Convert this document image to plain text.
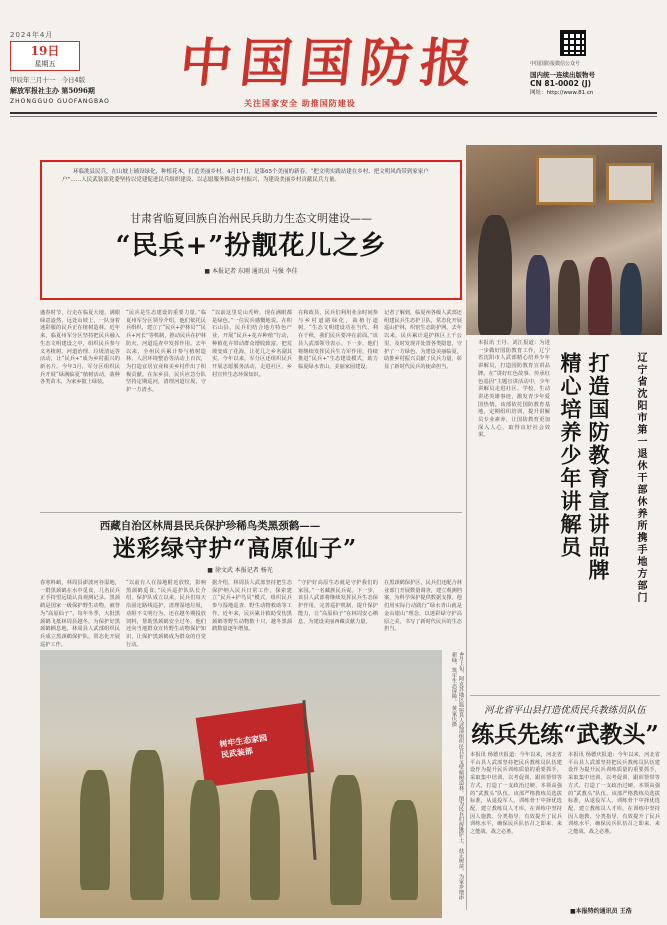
2024年4月
19日
星期五
甲辰年三月十一 今日4版
解放军报社主办 第5096期
ZHONGGUO GUOFANGBAO
中国国防报
关注国家安全 助推国防建设
中国国防报微信公众号
国内统一连续出版物号
CN 81-0002 (J)
网址：http://www.81.cn
环临洮县民兵，在山坡上铺设绿化，种植花木，打造美丽乡村。4月17日，是第65个美丽的新春。“把文明实践站建在乡村、把文明风尚带到家家户户”……人民武装部党委坚持以党建促进民兵组织建设、以志愿服务推动乡村振兴，为建设美丽乡村贡献民兵力量。
甘肃省临夏回族自治州民兵助力生态文明建设——
“民兵+”扮靓花儿之乡
■ 本报记者 东刚 通讯员 马强 李佳
盛春时节，行走在临夏大地，满眼绿意盎然，远处山坡上，一队身着迷彩服的民兵正在植树造林。近年来，临夏州军分区坚持把民兵融入生态文明建设之中，组织民兵参与义务植树、河道治理、垃圾清运等活动，让“民兵+”成为乡村振兴的新名片。今年3月，军分区组织民兵开展“绿满临夏”植树活动，栽种各类苗木，为家乡披上绿装。
“民兵是生态建设的重要力量。”临夏州军分区领导介绍，他们依托民兵组织，建立了“民兵+护林员”“民兵+河长”等机制，推动民兵在护林防火、河道巡查中发挥作用。去年以来，全州民兵累计参与植树造林、人居环境整治等活动上百次，为打造宜居宜业和美乡村作出了积极贡献。在东乡县，民兵应急分队坚持定期巡河，清理河道垃圾，守护一方清水。
“以前这里荒山秃岭，现在满眼都是绿色。”一位民兵感慨地说。在积石山县，民兵们结合地方特色产业，开展“民兵+花卉种植”行动，种植花卉带动群众增收致富，把荒坡变成了花海，让花儿之乡名副其实。今年以来，军分区还组织民兵开展志愿服务活动，走进社区、乡村宣传生态环保知识。
在和政县，民兵们利用业余时间参与乡村道路绿化，栽植行道树。“生态文明建设功在当代、利在千秋，我们民兵要冲在前面。”该县人武部领导表示。下一步，他们将继续发挥民兵生力军作用，持续推进“民兵+”生态建设模式，助力临夏绿水青山、美丽家园建设。
记者了解到，临夏州各级人武部还组建民兵生态护卫队，常态化开展巡山护林，织密生态防护网。去年以来，民兵累计巡护林区上千公里，及时发现并处置各类隐患，守护了一方绿色，为建设美丽临夏、助推乡村振兴贡献了民兵力量，彰显了新时代民兵的使命担当。
本报讯 王丹、刘江报道：为进一步做好国防教育工作，辽宁省沈阳市人武部精心培养少年讲解员，打造国防教育宣讲品牌。在“讲好红色故事、传承红色基因”主题宣讲活动中，少年讲解员走进社区、学校，生动讲述英雄事迹，激发青少年爱国热情。该部依托国防教育基地，定期组织培训，提升讲解员专业素养，让国防教育更加深入人心，取得良好社会效果。	辽宁省沈阳市第一退休干部休养所携手地方部门
打造国防教育宣讲品牌
精心培养少年讲解员
西藏自治区林周县民兵保护珍稀鸟类黑颈鹤——
迷彩绿守护“高原仙子”
■ 徐文武 本报记者 杨光
春寒料峭，林周县澎波河谷湿地，一群黑颈鹤在水中觅食，几名民兵正手持望远镜认真观测记录。黑颈鹤是国家一级保护野生动物，被誉为“高原仙子”。每年冬季，大批黑颈鹤飞抵林周县越冬。为保护好黑颈鹤栖息地，林周县人武部组织民兵成立黑颈鹤保护队，常态化开展巡护工作。
“以前有人在湿地附近放牧，影响黑颈鹤觅食。”民兵巡护队队长介绍，保护队成立以来，民兵们每天沿固定路线巡护，清理湿地垃圾，劝阻不文明行为，还在越冬期投放饲料，帮助黑颈鹤安全过冬。他们还向当地群众宣传野生动物保护知识，让保护黑颈鹤成为群众的自觉行动。
据介绍，林周县人武部坚持把生态保护纳入民兵日常工作，探索建立“民兵+护鸟员”模式，组织民兵参与湿地巡查、野生动物救助等工作。近年来，民兵累计救助受伤黑颈鹤等野生动物数十只，越冬黑颈鹤数量逐年增加。
“守护好高原生态就是守护我们的家园。”一名藏族民兵说。下一步，该县人武部将继续发挥民兵生态保护作用，完善巡护机制，提升保护能力，让“高原仙子”在林周安心栖息，为建设美丽西藏贡献力量。
在黑颈鹤保护区，民兵们还配合林业部门开展数量调查，建立观测档案，为科学保护提供数据支撑。他们用实际行动践行“绿水青山就是金山银山”理念，以迷彩绿守护高原之美，书写了新时代民兵的生态担当。
树牢生态家园
民武装部	4月上旬，阿克苏地区温宿县人武部组织民兵在戈壁植树造林。图为民兵们挥锹铲土、扶正树苗，为家乡增添新绿，筑牢生态屏障。 黄家庆摄	河北省平山县打造优质民兵教练员队伍
练兵先练“武教头”
本报讯 杨德庆报道：今年以来，河北省平山县人武部坚持把民兵教练员队伍建设作为提升民兵训练质量的重要抓手，采取集中培训、以考促训、跟训帮带等方式，打造了一支政治过硬、本领高强的“武教头”队伍。该部严格教练员选拔标准，从退役军人、训练骨干中择优选配，建立教练员人才库。在训练中坚持因人施教、分类指导，有效提升了民兵训练水平，确保民兵队伍召之即来、来之能战、战之必胜。
本报讯 杨德庆报道：今年以来，河北省平山县人武部坚持把民兵教练员队伍建设作为提升民兵训练质量的重要抓手，采取集中培训、以考促训、跟训帮带等方式，打造了一支政治过硬、本领高强的“武教头”队伍。该部严格教练员选拔标准，从退役军人、训练骨干中择优选配，建立教练员人才库。在训练中坚持因人施教、分类指导，有效提升了民兵训练水平，确保民兵队伍召之即来、来之能战、战之必胜。
■本报特约通讯员 王浩
